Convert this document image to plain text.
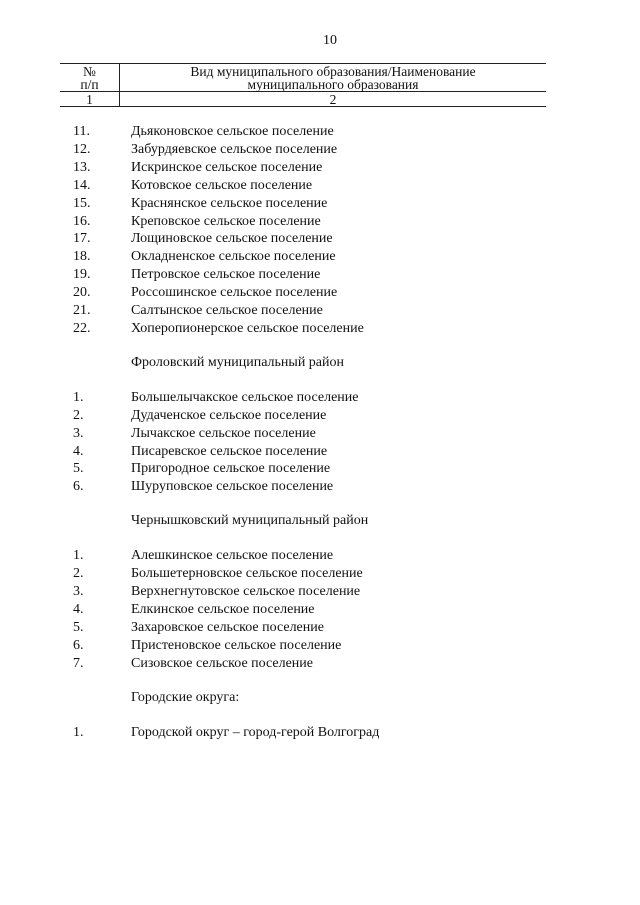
10
№
п/п	Вид муниципального образования/Наименование
муниципального образования
1	2
11.	Дьяконовское сельское поселение
12.	Забурдяевское сельское поселение
13.	Искринское сельское поселение
14.	Котовское сельское поселение
15.	Краснянское сельское поселение
16.	Креповское сельское поселение
17.	Лощиновское сельское поселение
18.	Окладненское сельское поселение
19.	Петровское сельское поселение
20.	Россошинское сельское поселение
21.	Салтынское сельское поселение
22.	Хоперопионерское сельское поселение
Фроловский муниципальный район
1.	Большелычакское сельское поселение
2.	Дудаченское сельское поселение
3.	Лычакское сельское поселение
4.	Писаревское сельское поселение
5.	Пригородное сельское поселение
6.	Шуруповское сельское поселение
Чернышковский муниципальный район
1.	Алешкинское сельское поселение
2.	Большетерновское сельское поселение
3.	Верхнегнутовское сельское поселение
4.	Елкинское сельское поселение
5.	Захаровское сельское поселение
6.	Пристеновское сельское поселение
7.	Сизовское сельское поселение
Городские округа:
1.	Городской округ – город-герой Волгоград
